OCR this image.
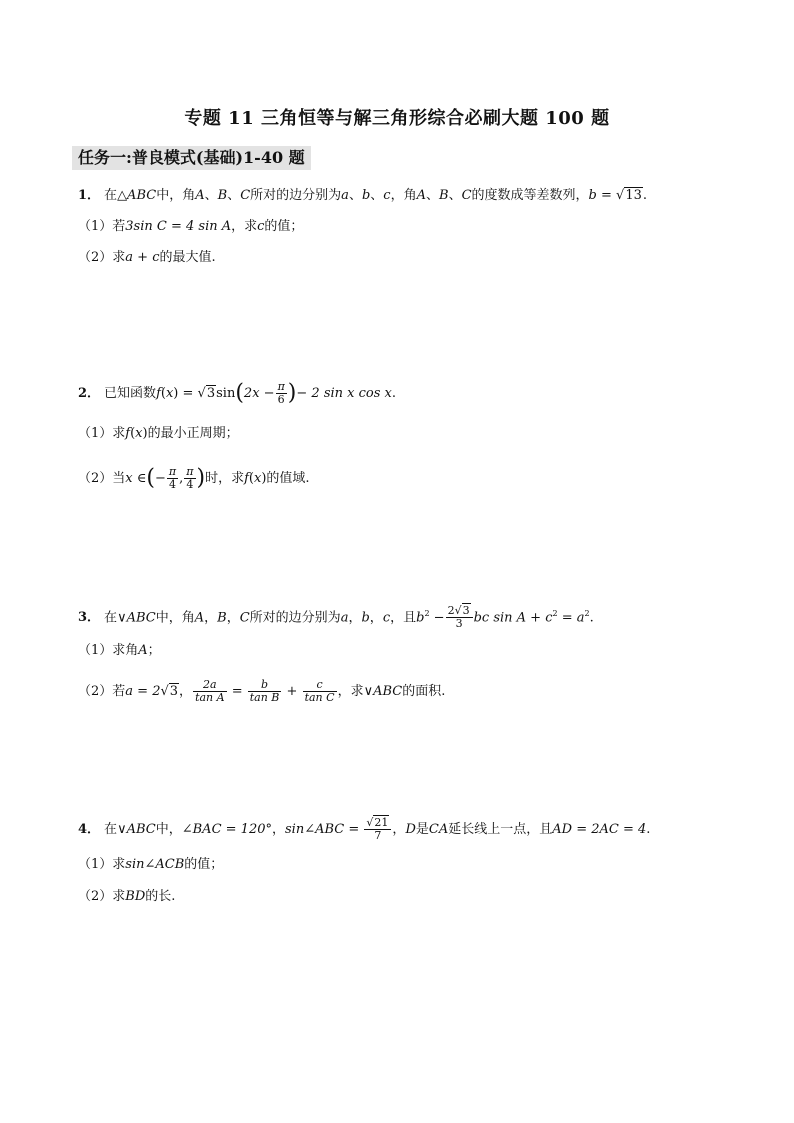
专题 11 三角恒等与解三角形综合必刷大题 100 题
任务一:普良模式(基础)1-40 题
1． 在△ABC中，角A、B、C所对的边分别为a、b、c，角A、B、C的度数成等差数列，b = √13.
（1）若3sin C = 4 sin A，求c的值；
（2）求a + c的最大值.
2． 已知函数$f(x) = √3\sin(2x - \frac{\pi}{6}$ )− 2 sin x cos x.
（1）求f(x)的最小正周期；
（2）当x ∈(− $\frac{\pi}{4}$ , $\frac{\pi}{4}$ )时，求f(x)的值域.
3． 在∨ABC中，角A，B，C所对的边分别为a，b，c，且$b^2 - \frac{2√3}{3}$ bc $\sin A + c^2 = a^2$.
（1）求角A；
（2）若a = 2√3， $\frac{2a}{\text{tan A}} = \frac{b}{\text{tan B}} + \frac{c}{\text{tan C}}$ ，求∨ABC的面积.
4． 在∨ABC中，∠BAC = 120°，sin∠ABC = $\frac{√21}{7}$ ，D是CA延长线上一点，且AD = 2AC = 4.
（1）求sin∠ACB的值；
（2）求BD的长.
